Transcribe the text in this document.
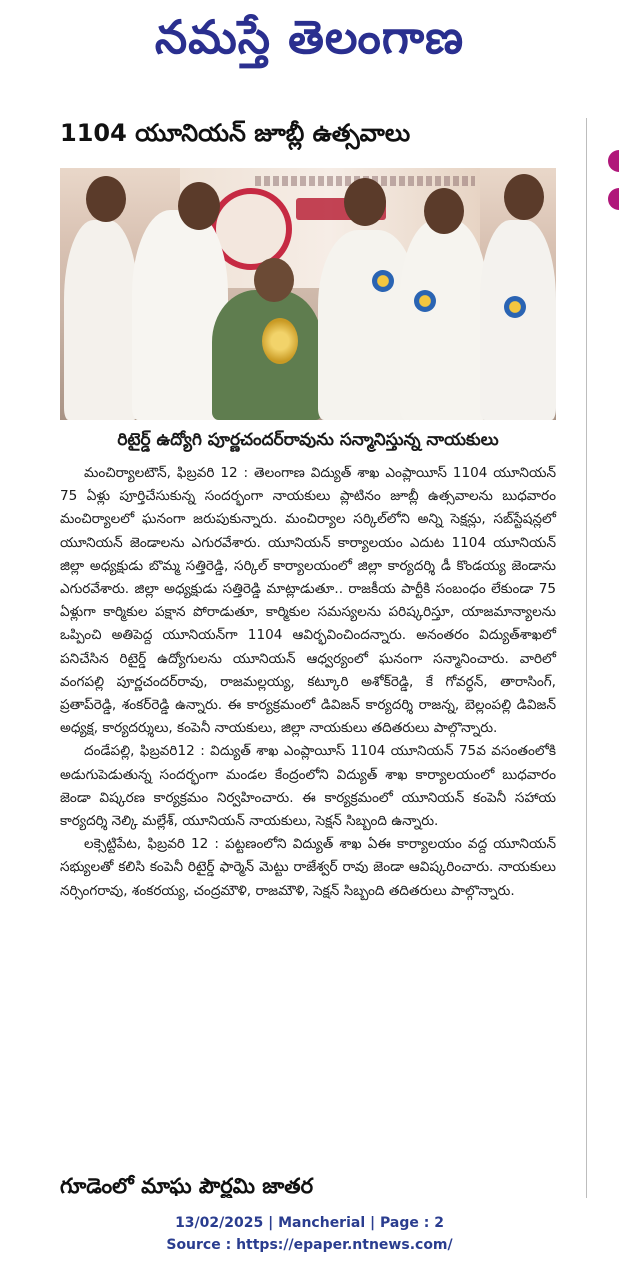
నమస్తే తెలంగాణ
1104 యూనియన్ జూబ్లీ ఉత్సవాలు
రిటైర్డ్ ఉద్యోగి పూర్ణచందర్‌రావును సన్మానిస్తున్న నాయకులు

మంచిర్యాలటౌన్, ఫిబ్రవరి 12 : తెలంగాణ విద్యుత్ శాఖ ఎంప్లాయీస్ 1104 యూనియన్ 75 ఏళ్లు పూర్తిచేసుకున్న సందర్భంగా నాయకులు ప్లాటినం జూబ్లీ ఉత్సవాలను బుధవారం మంచిర్యాలలో ఘనంగా జరుపుకున్నారు. మంచిర్యాల సర్కిల్‌లోని అన్ని సెక్షన్లు, సబ్‌స్టేషన్లలో యూనియన్ జెండాలను ఎగురవేశారు. యూనియన్ కార్యాలయం ఎదుట 1104 యూనియన్ జిల్లా అధ్యక్షుడు బొమ్మ సత్తిరెడ్డి, సర్కిల్ కార్యాలయంలో జిల్లా కార్యదర్శి డీ కొండయ్య జెండాను ఎగురవేశారు. జిల్లా అధ్యక్షుడు సత్తిరెడ్డి మాట్లాడుతూ.. రాజకీయ పార్టీకి సంబంధం లేకుండా 75 ఏళ్లుగా కార్మికుల పక్షాన పోరాడుతూ, కార్మికుల సమస్యలను పరిష్కరిస్తూ, యాజమాన్యాలను ఒప్పించి అతిపెద్ద యూనియన్‌గా 1104 ఆవిర్భవించిందన్నారు. అనంతరం విద్యుత్‌శాఖలో పనిచేసిన రిటైర్డ్ ఉద్యోగులను యూనియన్ ఆధ్వర్యంలో ఘనంగా సన్మానించారు. వారిలో వంగపల్లి పూర్ణచందర్‌రావు, రాజమల్లయ్య, కట్కూరి అశోక్‌రెడ్డి, కే గోవర్ధన్, తారాసింగ్, ప్రతాప్‌రెడ్డి, శంకర్‌రెడ్డి ఉన్నారు. ఈ కార్యక్రమంలో డివిజన్ కార్యదర్శి రాజన్న, బెల్లంపల్లి డివిజన్ అధ్యక్ష, కార్యదర్శులు, కంపెనీ నాయకులు, జిల్లా నాయకులు తదితరులు పాల్గొన్నారు.

దండేపల్లి, ఫిబ్రవరి12 : విద్యుత్ శాఖ ఎంప్లాయీస్ 1104 యూనియన్ 75వ వసంతంలోకి అడుగుపెడుతున్న సందర్భంగా మండల కేంద్రంలోని విద్యుత్ శాఖ కార్యాలయంలో బుధవారం జెండా విష్కరణ కార్యక్రమం నిర్వహించారు. ఈ కార్యక్రమంలో యూనియన్ కంపెనీ సహాయ కార్యదర్శి నెల్కి మల్లేశ్, యూనియన్ నాయకులు, సెక్షన్ సిబ్బంది ఉన్నారు.

లక్సెట్టిపేట, ఫిబ్రవరి 12 : పట్టణంలోని విద్యుత్ శాఖ ఏఈ కార్యాలయం వద్ద యూనియన్ సభ్యులతో కలిసి కంపెనీ రిటైర్డ్ ఫార్మెన్ మెట్టు రాజేశ్వర్ రావు జెండా ఆవిష్కరించారు. నాయకులు నర్సింగరావు, శంకరయ్య, చంద్రమౌళి, రాజమౌళి, సెక్షన్ సిబ్బంది తదితరులు పాల్గొన్నారు.

గూడెంలో మాఘ పౌర్ణమి జాతర
13/02/2025 | Mancherial | Page : 2
Source : https://epaper.ntnews.com/
